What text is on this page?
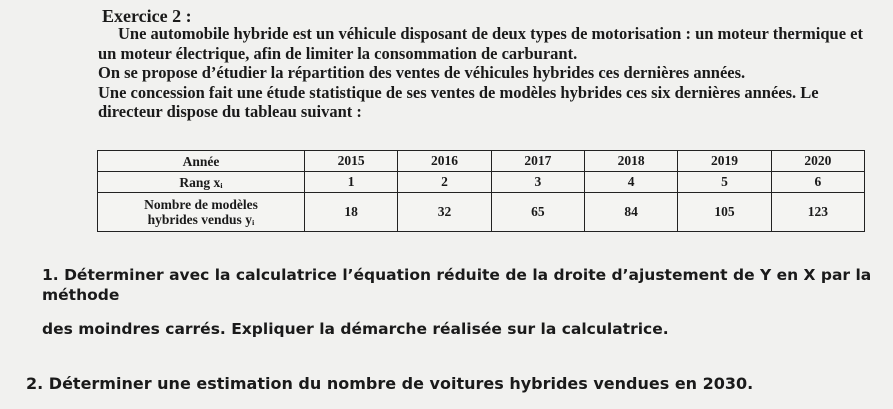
Exercice 2 :

Une automobile hybride est un véhicule disposant de deux types de motorisation : un moteur thermique et un moteur électrique, afin de limiter la consommation de carburant.

On se propose d’étudier la répartition des ventes de véhicules hybrides ces dernières années.

Une concession fait une étude statistique de ses ventes de modèles hybrides ces six dernières années. Le directeur dispose du tableau suivant :

Année	2015	2016	2017	2018	2019	2020
Rang xᵢ	1	2	3	4	5	6
Nombre de modèles
hybrides vendus yᵢ	18	32	65	84	105	123
1. Déterminer avec la calculatrice l’équation réduite de la droite d’ajustement de Y en X par la méthode
des moindres carrés. Expliquer la démarche réalisée sur la calculatrice.
2. Déterminer une estimation du nombre de voitures hybrides vendues en 2030.
